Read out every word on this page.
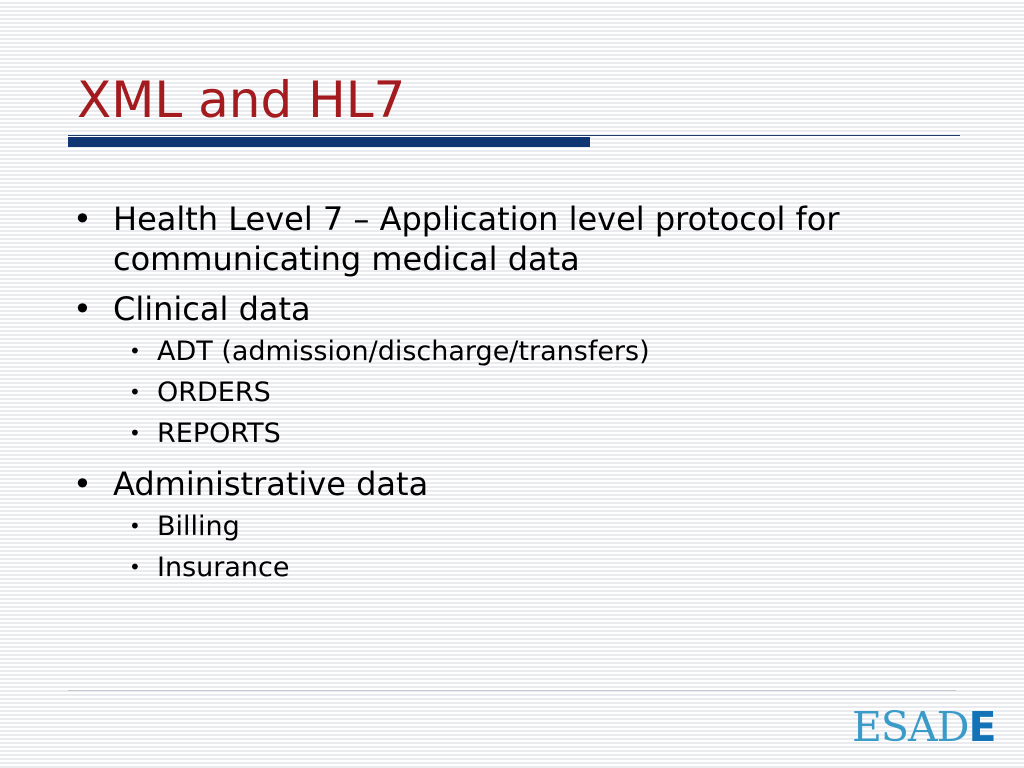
XML and HL7
• Health Level 7 – Application level protocol for communicating medical data
• Clinical data
• ADT (admission/discharge/transfers)
• ORDERS
• REPORTS
• Administrative data
• Billing
• Insurance
ESADE
